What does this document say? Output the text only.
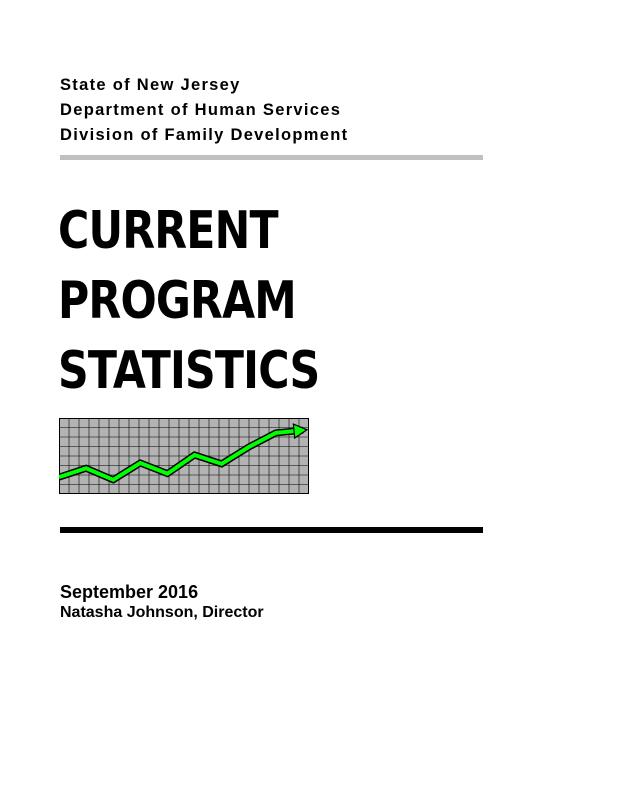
State of New Jersey
Department of Human Services
Division of Family Development
CURRENT
PROGRAM
STATISTICS
September 2016
Natasha Johnson, Director
